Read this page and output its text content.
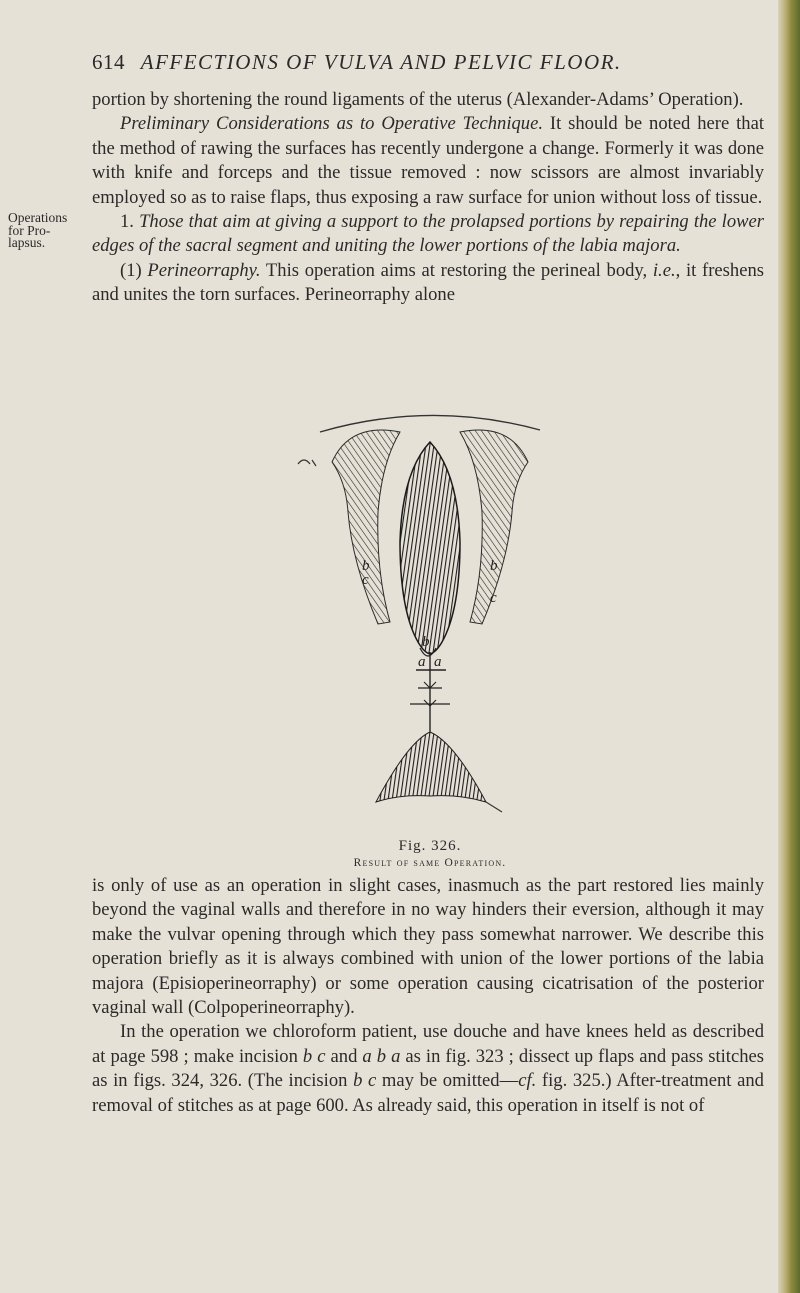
614 AFFECTIONS OF VULVA AND PELVIC FLOOR.
Operations
for Pro-
lapsus.

portion by shortening the round ligaments of the uterus (Alexander-Adams’ Operation).

Preliminary Considerations as to Operative Technique. It should be noted here that the method of rawing the surfaces has recently undergone a change. Formerly it was done with knife and forceps and the tissue removed : now scissors are almost invariably employed so as to raise flaps, thus exposing a raw surface for union without loss of tissue.

1. Those that aim at giving a support to the prolapsed portions by repairing the lower edges of the sacral segment and uniting the lower portions of the labia majora.

(1) Perineorraphy. This operation aims at restoring the perineal body, i.e., it freshens and unites the torn surfaces. Perineorraphy alone

b
c
b
c
b
a a
Fig. 326.
Result of same Operation.

is only of use as an operation in slight cases, inasmuch as the part restored lies mainly beyond the vaginal walls and therefore in no way hinders their eversion, although it may make the vulvar opening through which they pass somewhat narrower. We describe this operation briefly as it is always combined with union of the lower portions of the labia majora (Episioperineorraphy) or some operation causing cicatrisation of the posterior vaginal wall (Colpoperineorraphy).

In the operation we chloroform patient, use douche and have knees held as described at page 598 ; make incision b c and a b a as in fig. 323 ; dissect up flaps and pass stitches as in figs. 324, 326. (The incision b c may be omitted—cf. fig. 325.) After-treatment and removal of stitches as at page 600. As already said, this operation in itself is not of
